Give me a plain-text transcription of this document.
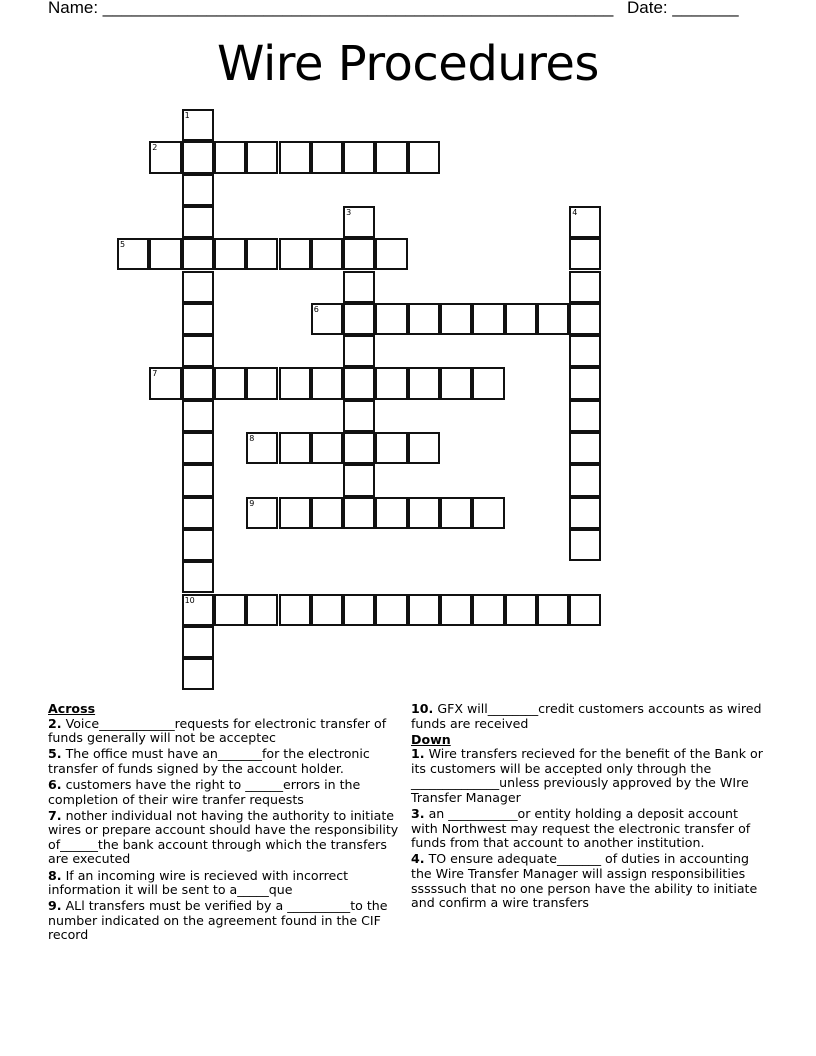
Name: ______________________________________________________ Date: _______
Wire Procedures
1
10
2
3	4
5
6
7
8
9
Across
2. Voice____________requests for electronic transfer of funds generally will not be acceptec
5. The office must have an_______for the electronic transfer of funds signed by the account holder.
6. customers have the right to ______errors in the completion of their wire tranfer requests
7. nother individual not having the authority to initiate wires or prepare account should have the responsibility of______the bank account through which the transfers are executed
8. If an incoming wire is recieved with incorrect information it will be sent to a_____que
9. ALl transfers must be verified by a __________to the number indicated on the agreement found in the CIF record
10. GFX will________credit customers accounts as wired funds are received
Down
1. Wire transfers recieved for the benefit of the Bank or its customers will be accepted only through the ______________unless previously approved by the WIre Transfer Manager
3. an ___________or entity holding a deposit account with Northwest may request the electronic transfer of funds from that account to another institution.
4. TO ensure adequate_______ of duties in accounting the Wire Transfer Manager will assign responsibilities sssssuch that no one person have the ability to initiate and confirm a wire transfers
